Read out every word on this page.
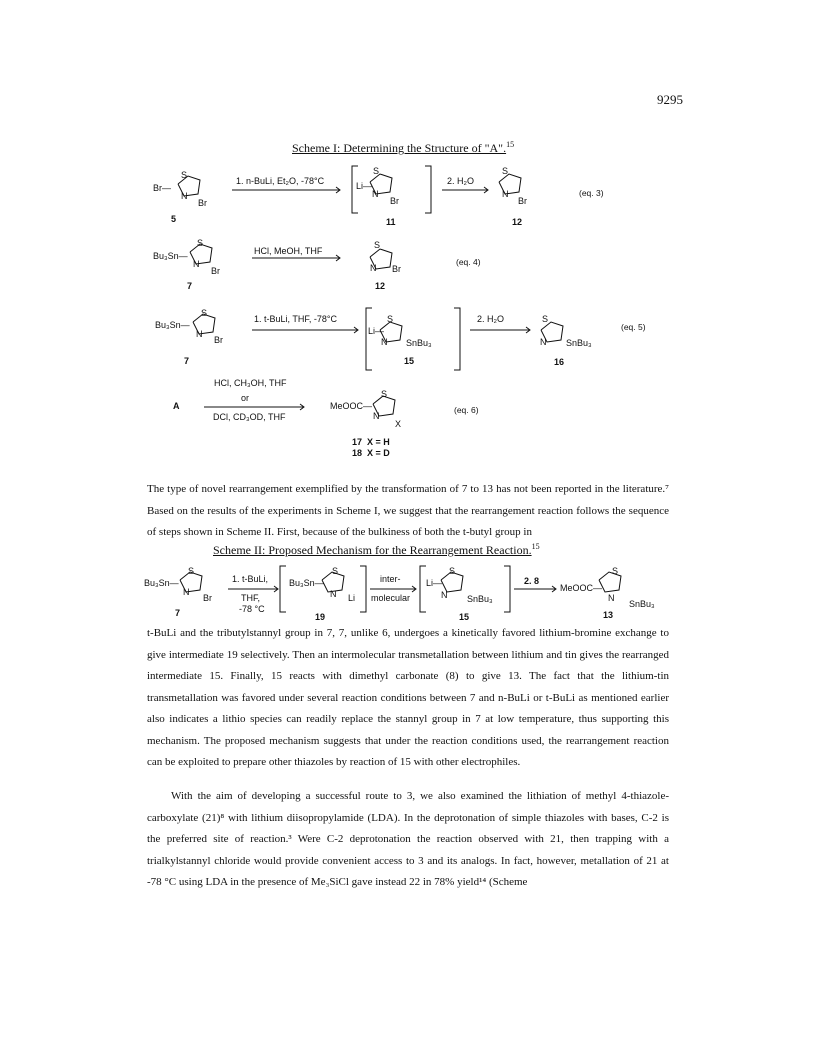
9295
Scheme I: Determining the Structure of "A".$^{15}$
S
Br—
N
Br
5
1. n-BuLi, Et₂O, -78°C
S
Li—
N
Br
11
2. H₂O
S
N
Br
12
(eq. 3)
S
Bu₃Sn—
N
Br
7
HCl, MeOH, THF
S
N Br
12
(eq. 4)
S
Bu₃Sn—
N
Br
7
1. t-BuLi, THF, -78°C	S
Li—
N SnBu₃
15
2. H₂O	S
N SnBu₃
16
(eq. 5)
A
HCl, CH₃OH, THF
or
DCl, CD₃OD, THF
S
MeOOC—
N
X
17  X = H
18  X = D
(eq. 6)

The type of novel rearrangement exemplified by the transformation of 7 to 13 has not been reported in the literature.⁷ Based on the results of the experiments in Scheme I, we suggest that the rearrangement reaction follows the sequence of steps shown in Scheme II. First, because of the bulkiness of both the t-butyl group in

Scheme II: Proposed Mechanism for the Rearrangement Reaction.$^{15}$
S
Bu₃Sn—
N
Br
7
1. t-BuLi,
THF,
-78 °C
S
Bu₃Sn—
N Li
19
inter-
molecular
S
Li—
N SnBu₃
15
2. 8
S
MeOOC—
N
SnBu₃
13

t-BuLi and the tributylstannyl group in 7, 7, unlike 6, undergoes a kinetically favored lithium-bromine exchange to give intermediate 19 selectively. Then an intermolecular transmetallation between lithium and tin gives the rearranged intermediate 15. Finally, 15 reacts with dimethyl carbonate (8) to give 13. The fact that the lithium-tin transmetallation was favored under several reaction conditions between 7 and n-BuLi or t-BuLi as mentioned earlier also indicates a lithio species can readily replace the stannyl group in 7 at low temperature, thus supporting this mechanism. The proposed mechanism suggests that under the reaction conditions used, the rearrangement reaction can be exploited to prepare other thiazoles by reaction of 15 with other electrophiles.

With the aim of developing a successful route to 3, we also examined the lithiation of methyl 4-thiazole-carboxylate (21)⁸ with lithium diisopropylamide (LDA). In the deprotonation of simple thiazoles with bases, C-2 is the preferred site of reaction.³ Were C-2 deprotonation the reaction observed with 21, then trapping with a trialkylstannyl chloride would provide convenient access to 3 and its analogs. In fact, however, metallation of 21 at -78 °C using LDA in the presence of Me₃SiCl gave instead 22 in 78% yield¹⁴ (Scheme
